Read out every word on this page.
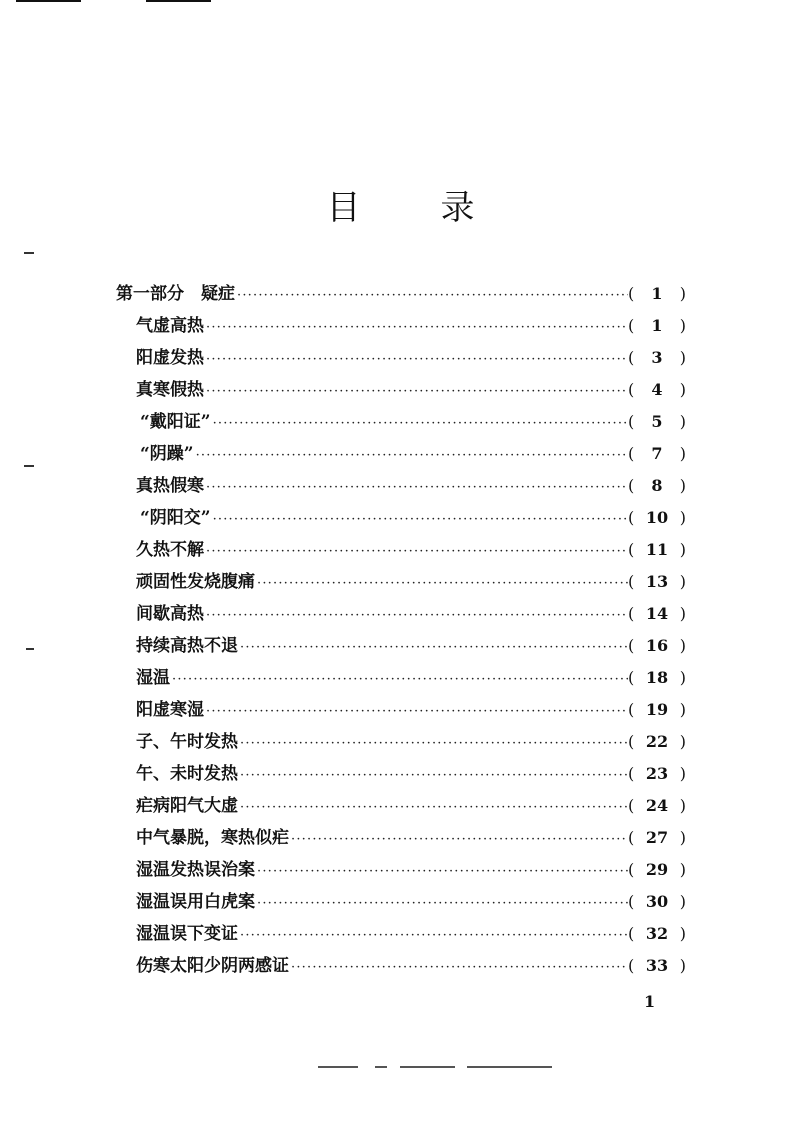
目 录
第一部分　疑症 ·····	(	1	)
气虚高热 ·····	(	1	)
阳虚发热 ·····	(	3	)
真寒假热 ·····	(	4	)
“戴阳证” ·····	(	5	)
“阴躁” ·····	(	7	)
真热假寒 ·····	(	8	)
“阴阳交” ·····	( 10 )
久热不解 ·····	( 11 )
顽固性发烧腹痛 ·····	( 13 )
间歇高热 ·····	( 14 )
持续高热不退 ·····	( 16 )
湿温 ·····	( 18 )
阳虚寒湿 ·····	( 19 )
子、午时发热 ·····	( 22 )
午、未时发热 ·····	( 23 )
疟病阳气大虚 ·····	( 24 )
中气暴脱，寒热似疟 ·····	( 27 )
湿温发热误治案 ·····	( 29 )
湿温误用白虎案 ·····	( 30 )
湿温误下变证 ·····	( 32 )
伤寒太阳少阴两感证 ·····	( 33 )
1
